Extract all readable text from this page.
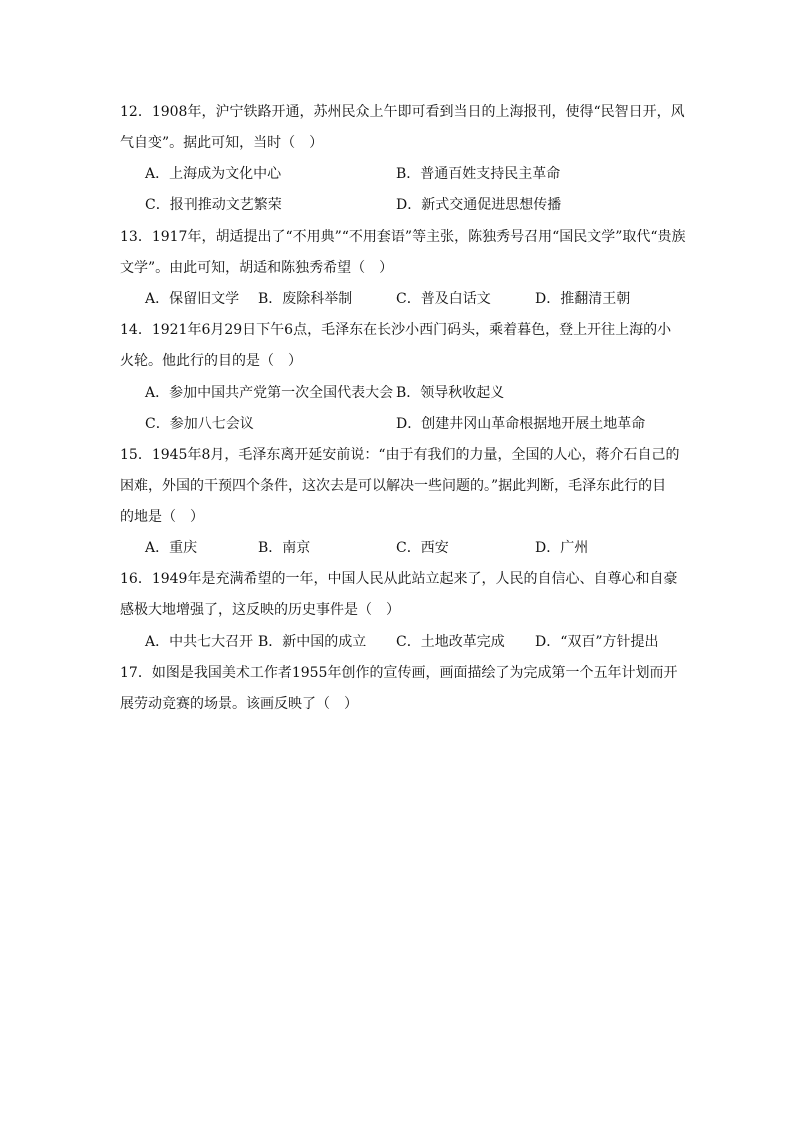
12．1908年，沪宁铁路开通，苏州民众上午即可看到当日的上海报刊，使得“民智日开，风
气自变”。据此可知，当时（　）
A．上海成为文化中心	B．普通百姓支持民主革命
C．报刊推动文艺繁荣	D．新式交通促进思想传播
13．1917年，胡适提出了“不用典”“不用套语”等主张，陈独秀号召用“国民文学”取代“贵族
文学”。由此可知，胡适和陈独秀希望（　）
A．保留旧文学 B．废除科举制	C．普及白话文	D．推翻清王朝
14．1921年6月29日下午6点，毛泽东在长沙小西门码头，乘着暮色，登上开往上海的小
火轮。他此行的目的是（　）
A．参加中国共产党第一次全国代表大会 B．领导秋收起义
C．参加八七会议	D．创建井冈山革命根据地开展土地革命
15．1945年8月，毛泽东离开延安前说：“由于有我们的力量，全国的人心，蒋介石自己的
困难，外国的干预四个条件，这次去是可以解决一些问题的。”据此判断，毛泽东此行的目
的地是（　）
A．重庆	B．南京	C．西安	D．广州
16．1949年是充满希望的一年，中国人民从此站立起来了，人民的自信心、自尊心和自豪
感极大地增强了，这反映的历史事件是（　）
A．中共七大召开 B．新中国的成立 C．土地改革完成 D．“双百”方针提出
17．如图是我国美术工作者1955年创作的宣传画，画面描绘了为完成第一个五年计划而开
展劳动竞赛的场景。该画反映了（　）
